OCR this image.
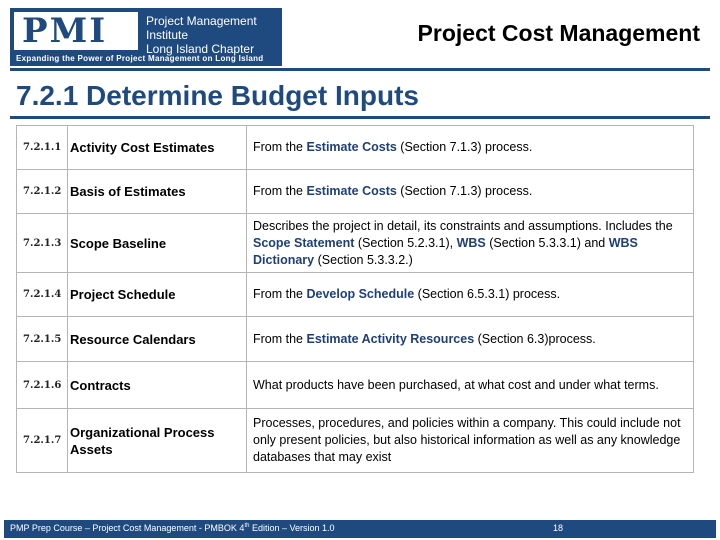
PMI	Project Management Institute
Long Island Chapter
Expanding the Power of Project Management on Long Island
Project Cost Management
7.2.1 Determine Budget Inputs
7.2.1.1	Activity Cost Estimates	From the Estimate Costs (Section 7.1.3) process.
7.2.1.2	Basis of Estimates	From the Estimate Costs (Section 7.1.3) process.
7.2.1.3	Scope Baseline	Describes the project in detail, its constraints and assumptions. Includes the Scope Statement (Section 5.2.3.1), WBS (Section 5.3.3.1) and WBS Dictionary (Section 5.3.3.2.)
7.2.1.4	Project Schedule	From the Develop Schedule (Section 6.5.3.1) process.
7.2.1.5	Resource Calendars	From the Estimate Activity Resources (Section 6.3)process.
7.2.1.6	Contracts	What products have been purchased, at what cost and under what terms.
7.2.1.7	Organizational Process Assets	Processes, procedures, and policies within a company. This could include not only present policies, but also historical information as well as any knowledge databases that may exist
PMP Prep Course – Project Cost Management - PMBOK 4th Edition – Version 1.0	18
